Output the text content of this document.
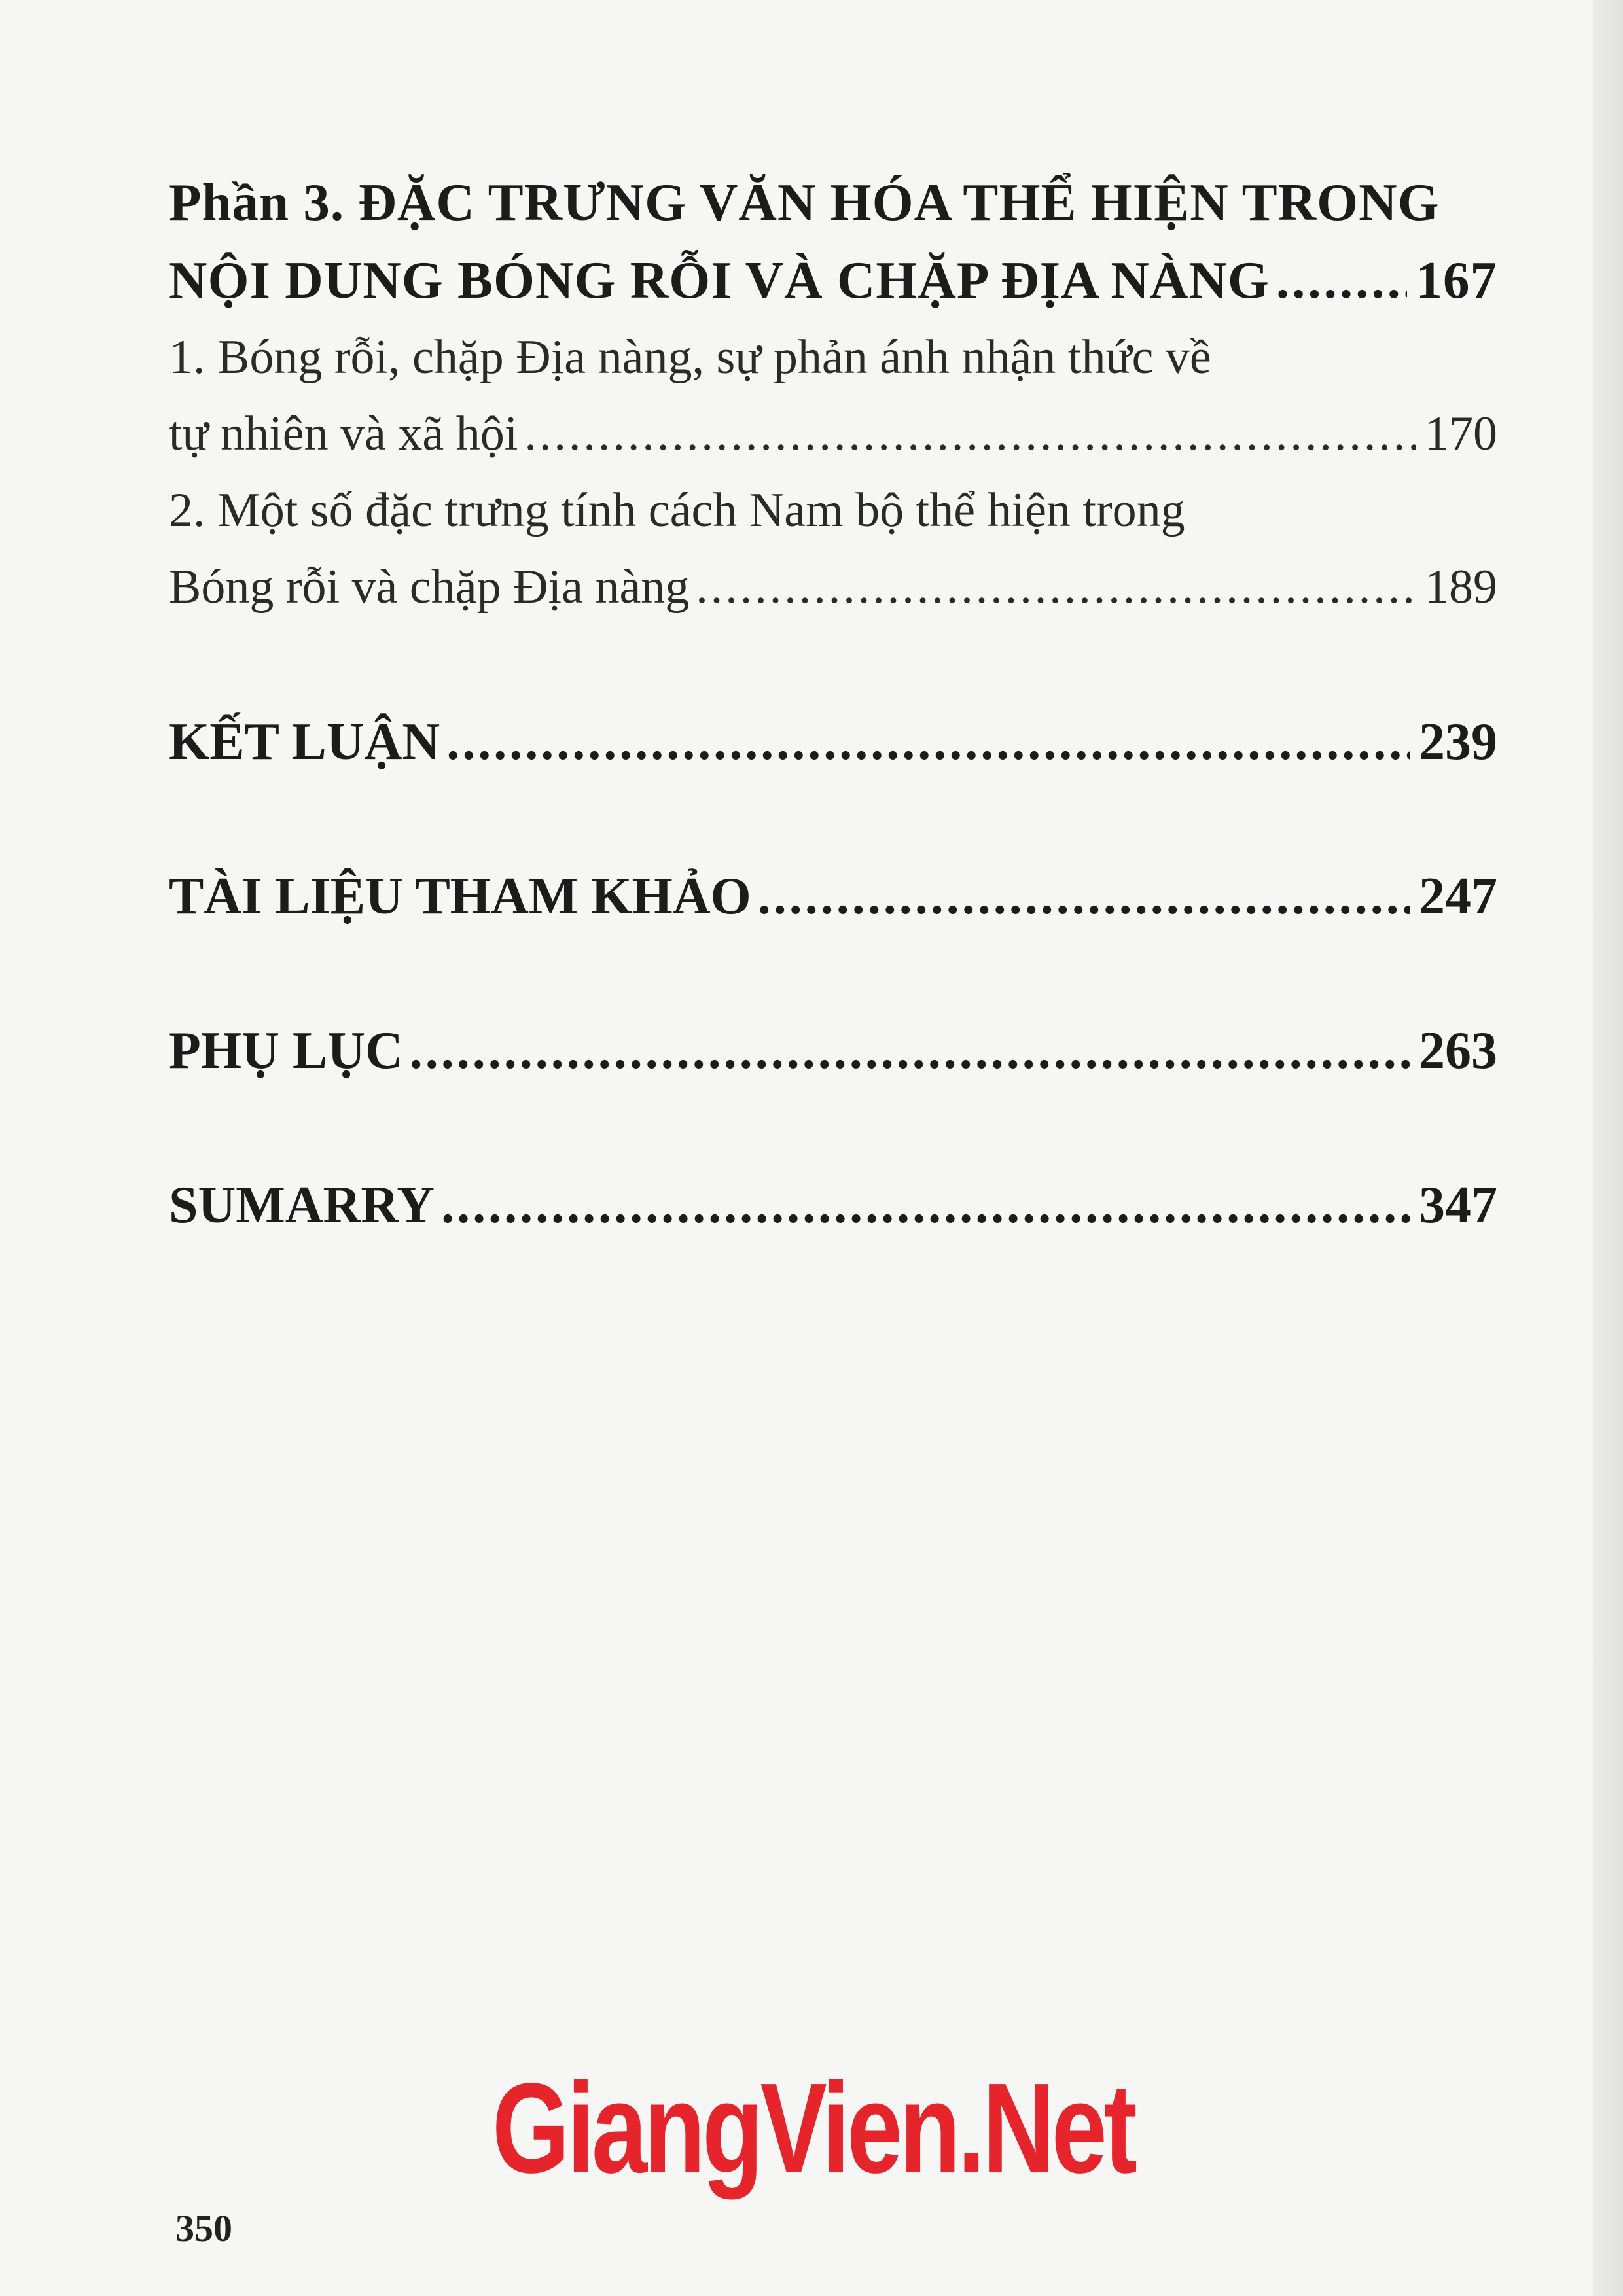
Phần 3. ĐẶC TRƯNG VĂN HÓA THỂ HIỆN TRONG
NỘI DUNG BÓNG RỖI VÀ CHẶP ĐỊA NÀNG .....	167
1. Bóng rỗi, chặp Địa nàng, sự phản ánh nhận thức về
tự nhiên và xã hội .....	170
2. Một số đặc trưng tính cách Nam bộ thể hiện trong
Bóng rỗi và chặp Địa nàng .....	189
KẾT LUẬN .....	239
TÀI LIỆU THAM KHẢO .....	247
PHỤ LỤC .....	263
SUMARRY .....	347
GiangVien.Net
350
